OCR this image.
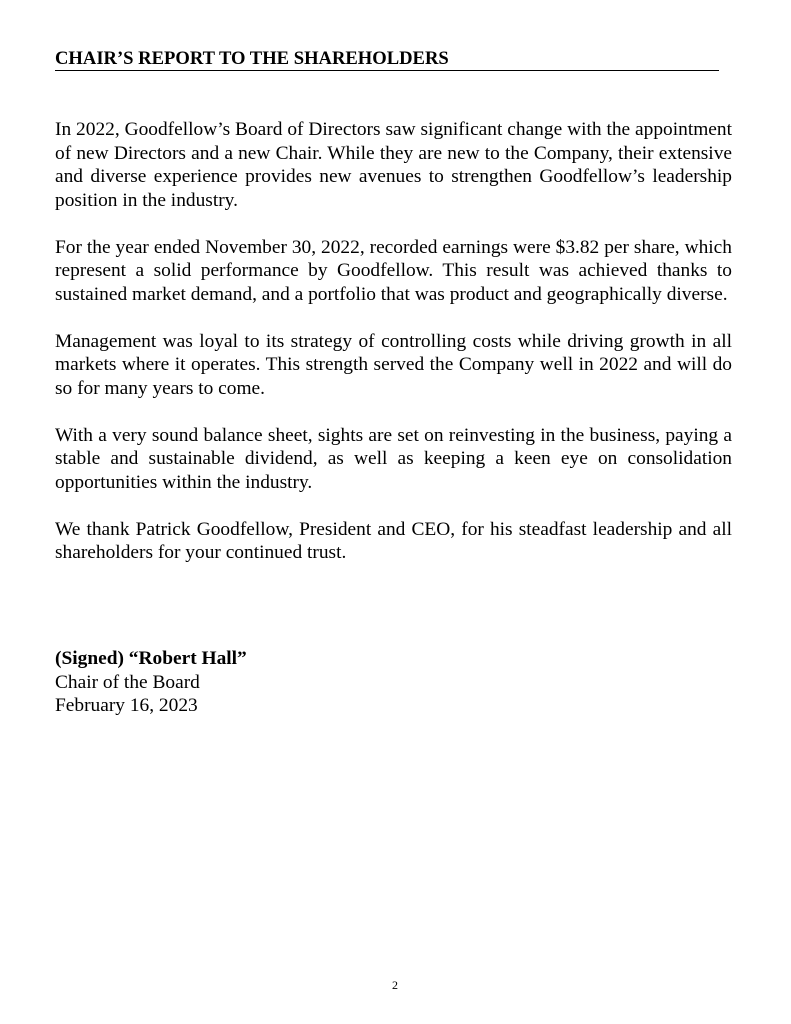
CHAIR’S REPORT TO THE SHAREHOLDERS

In 2022, Goodfellow’s Board of Directors saw significant change with the appointment of new Directors and a new Chair. While they are new to the Company, their extensive and diverse experience provides new avenues to strengthen Goodfellow’s leadership position in the industry.

For the year ended November 30, 2022, recorded earnings were $3.82 per share, which represent a solid performance by Goodfellow. This result was achieved thanks to sustained market demand, and a portfolio that was product and geographically diverse.

Management was loyal to its strategy of controlling costs while driving growth in all markets where it operates. This strength served the Company well in 2022 and will do so for many years to come.

With a very sound balance sheet, sights are set on reinvesting in the business, paying a stable and sustainable dividend, as well as keeping a keen eye on consolidation opportunities within the industry.

We thank Patrick Goodfellow, President and CEO, for his steadfast leadership and all shareholders for your continued trust.

(Signed) “Robert Hall”
Chair of the Board
February 16, 2023
2
